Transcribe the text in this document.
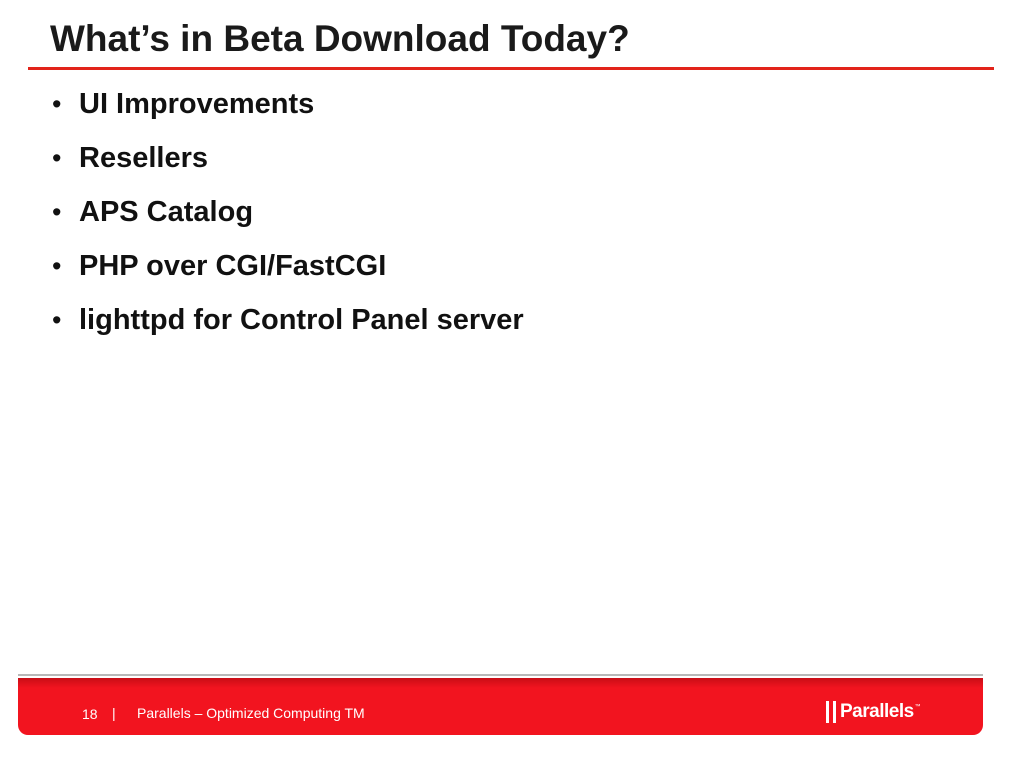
What’s in Beta Download Today?
• UI Improvements
• Resellers
• APS Catalog
• PHP over CGI/FastCGI
• lighttpd for Control Panel server
18 | Parallels – Optimized Computing TM	Parallels ™
